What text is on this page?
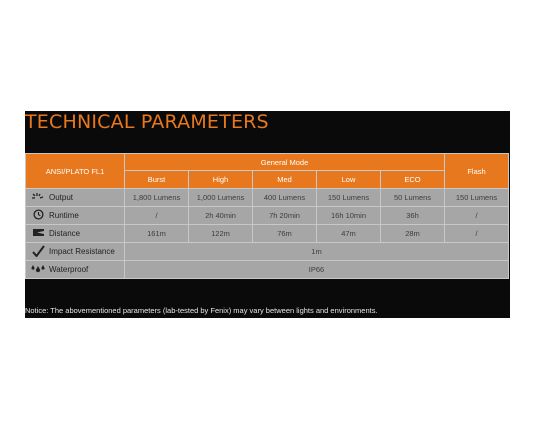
TECHNICAL PARAMETERS
ANSI/PLATO FL1	General Mode					Flash
	Burst	High	Med	Low	ECO	
Output	1,800 Lumens	1,000 Lumens	400 Lumens	150 Lumens	50 Lumens	150 Lumens
Runtime	/	2h 40min	7h 20min	16h 10min	36h	/
Distance	161m	122m	76m	47m	28m	/
Impact Resistance	1m					
Waterproof	IP66					
Notice: The abovementioned parameters (lab-tested by Fenix) may vary between lights and environments.
